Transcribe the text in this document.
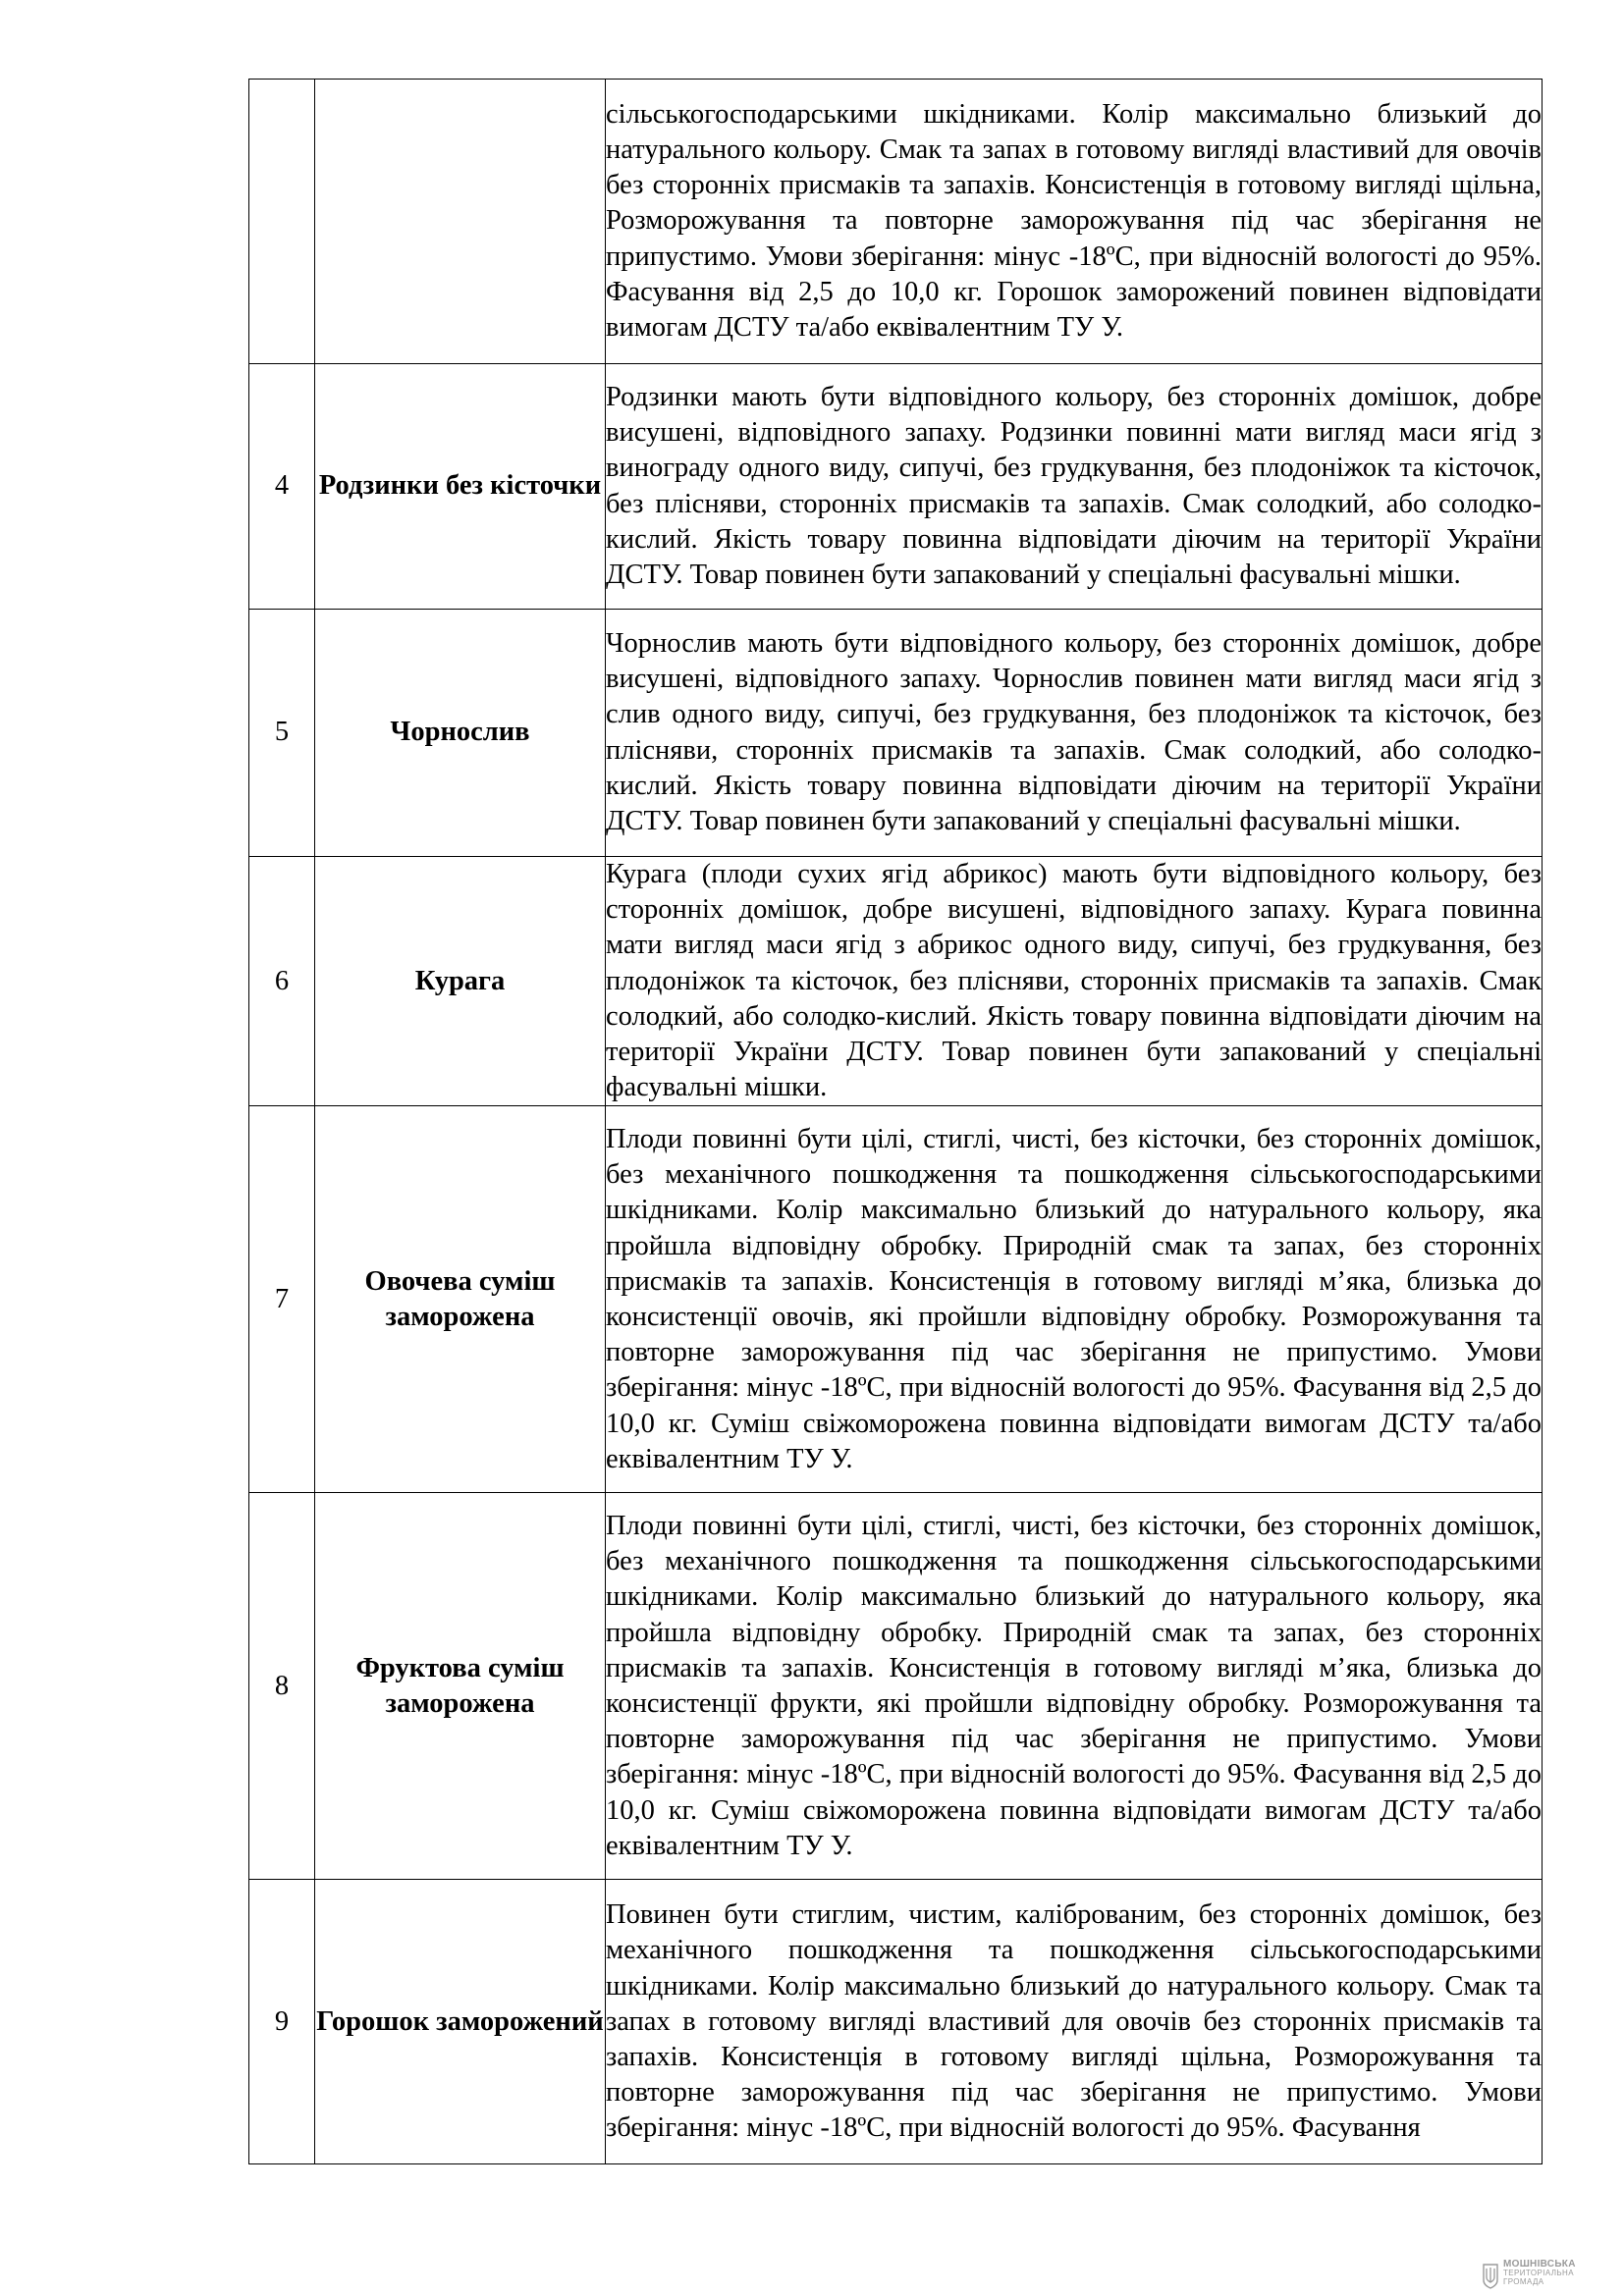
		сільськогосподарськими шкідниками. Колір максимально близький до натурального кольору. Смак та запах в готовому вигляді властивий для овочів без сторонніх присмаків та запахів. Консистенція в готовому вигляді щільна, Розморожування та повторне заморожування під час зберігання не припустимо. Умови зберігання: мінус -18ºС, при відносній вологості до 95%. Фасування від 2,5 до 10,0 кг. Горошок заморожений повинен відповідати вимогам ДСТУ та/або еквівалентним ТУ У.
4	Родзинки без кісточки	Родзинки мають бути відповідного кольору, без сторонніх домішок, добре висушені, відповідного запаху. Родзинки повинні мати вигляд маси ягід з винограду одного виду, сипучі, без грудкування, без плодоніжок та кісточок, без плісняви, сторонніх присмаків та запахів. Смак солодкий, або солодко-кислий. Якість товару повинна відповідати діючим на території України ДСТУ. Товар повинен бути запакований у спеціальні фасувальні мішки.
5	Чорнослив	Чорнослив мають бути відповідного кольору, без сторонніх домішок, добре висушені, відповідного запаху. Чорнослив повинен мати вигляд маси ягід з слив одного виду, сипучі, без грудкування, без плодоніжок та кісточок, без плісняви, сторонніх присмаків та запахів. Смак солодкий, або солодко-кислий. Якість товару повинна відповідати діючим на території України ДСТУ. Товар повинен бути запакований у спеціальні фасувальні мішки.
6	Курага	Курага (плоди сухих ягід абрикос) мають бути відповідного кольору, без сторонніх домішок, добре висушені, відповідного запаху. Курага повинна мати вигляд маси ягід з абрикос одного виду, сипучі, без грудкування, без плодоніжок та кісточок, без плісняви, сторонніх присмаків та запахів. Смак солодкий, або солодко-кислий. Якість товару повинна відповідати діючим на території України ДСТУ. Товар повинен бути запакований у спеціальні фасувальні мішки.
7	Овочева суміш заморожена	Плоди повинні бути цілі, стиглі, чисті, без кісточки, без сторонніх домішок, без механічного пошкодження та пошкодження сільськогосподарськими шкідниками. Колір максимально близький до натурального кольору, яка пройшла відповідну обробку. Природній смак та запах, без сторонніх присмаків та запахів. Консистенція в готовому вигляді м’яка, близька до консистенції овочів, які пройшли відповідну обробку. Розморожування та повторне заморожування під час зберігання не припустимо. Умови зберігання: мінус -18ºС, при відносній вологості до 95%. Фасування від 2,5 до 10,0 кг. Суміш свіжоморожена повинна відповідати вимогам ДСТУ та/або еквівалентним ТУ У.
8	Фруктова суміш заморожена	Плоди повинні бути цілі, стиглі, чисті, без кісточки, без сторонніх домішок, без механічного пошкодження та пошкодження сільськогосподарськими шкідниками. Колір максимально близький до натурального кольору, яка пройшла відповідну обробку. Природній смак та запах, без сторонніх присмаків та запахів. Консистенція в готовому вигляді м’яка, близька до консистенції фрукти, які пройшли відповідну обробку. Розморожування та повторне заморожування під час зберігання не припустимо. Умови зберігання: мінус -18ºС, при відносній вологості до 95%. Фасування від 2,5 до 10,0 кг. Суміш свіжоморожена повинна відповідати вимогам ДСТУ та/або еквівалентним ТУ У.
9	Горошок заморожений	Повинен бути стиглим, чистим, каліброваним, без сторонніх домішок, без механічного пошкодження та пошкодження сільськогосподарськими шкідниками. Колір максимально близький до натурального кольору. Смак та запах в готовому вигляді властивий для овочів без сторонніх присмаків та запахів. Консистенція в готовому вигляді щільна, Розморожування та повторне заморожування під час зберігання не припустимо. Умови зберігання: мінус -18ºС, при відносній вологості до 95%. Фасування
МОШНІВСЬКА
ТЕРИТОРІАЛЬНА
ГРОМАДА
